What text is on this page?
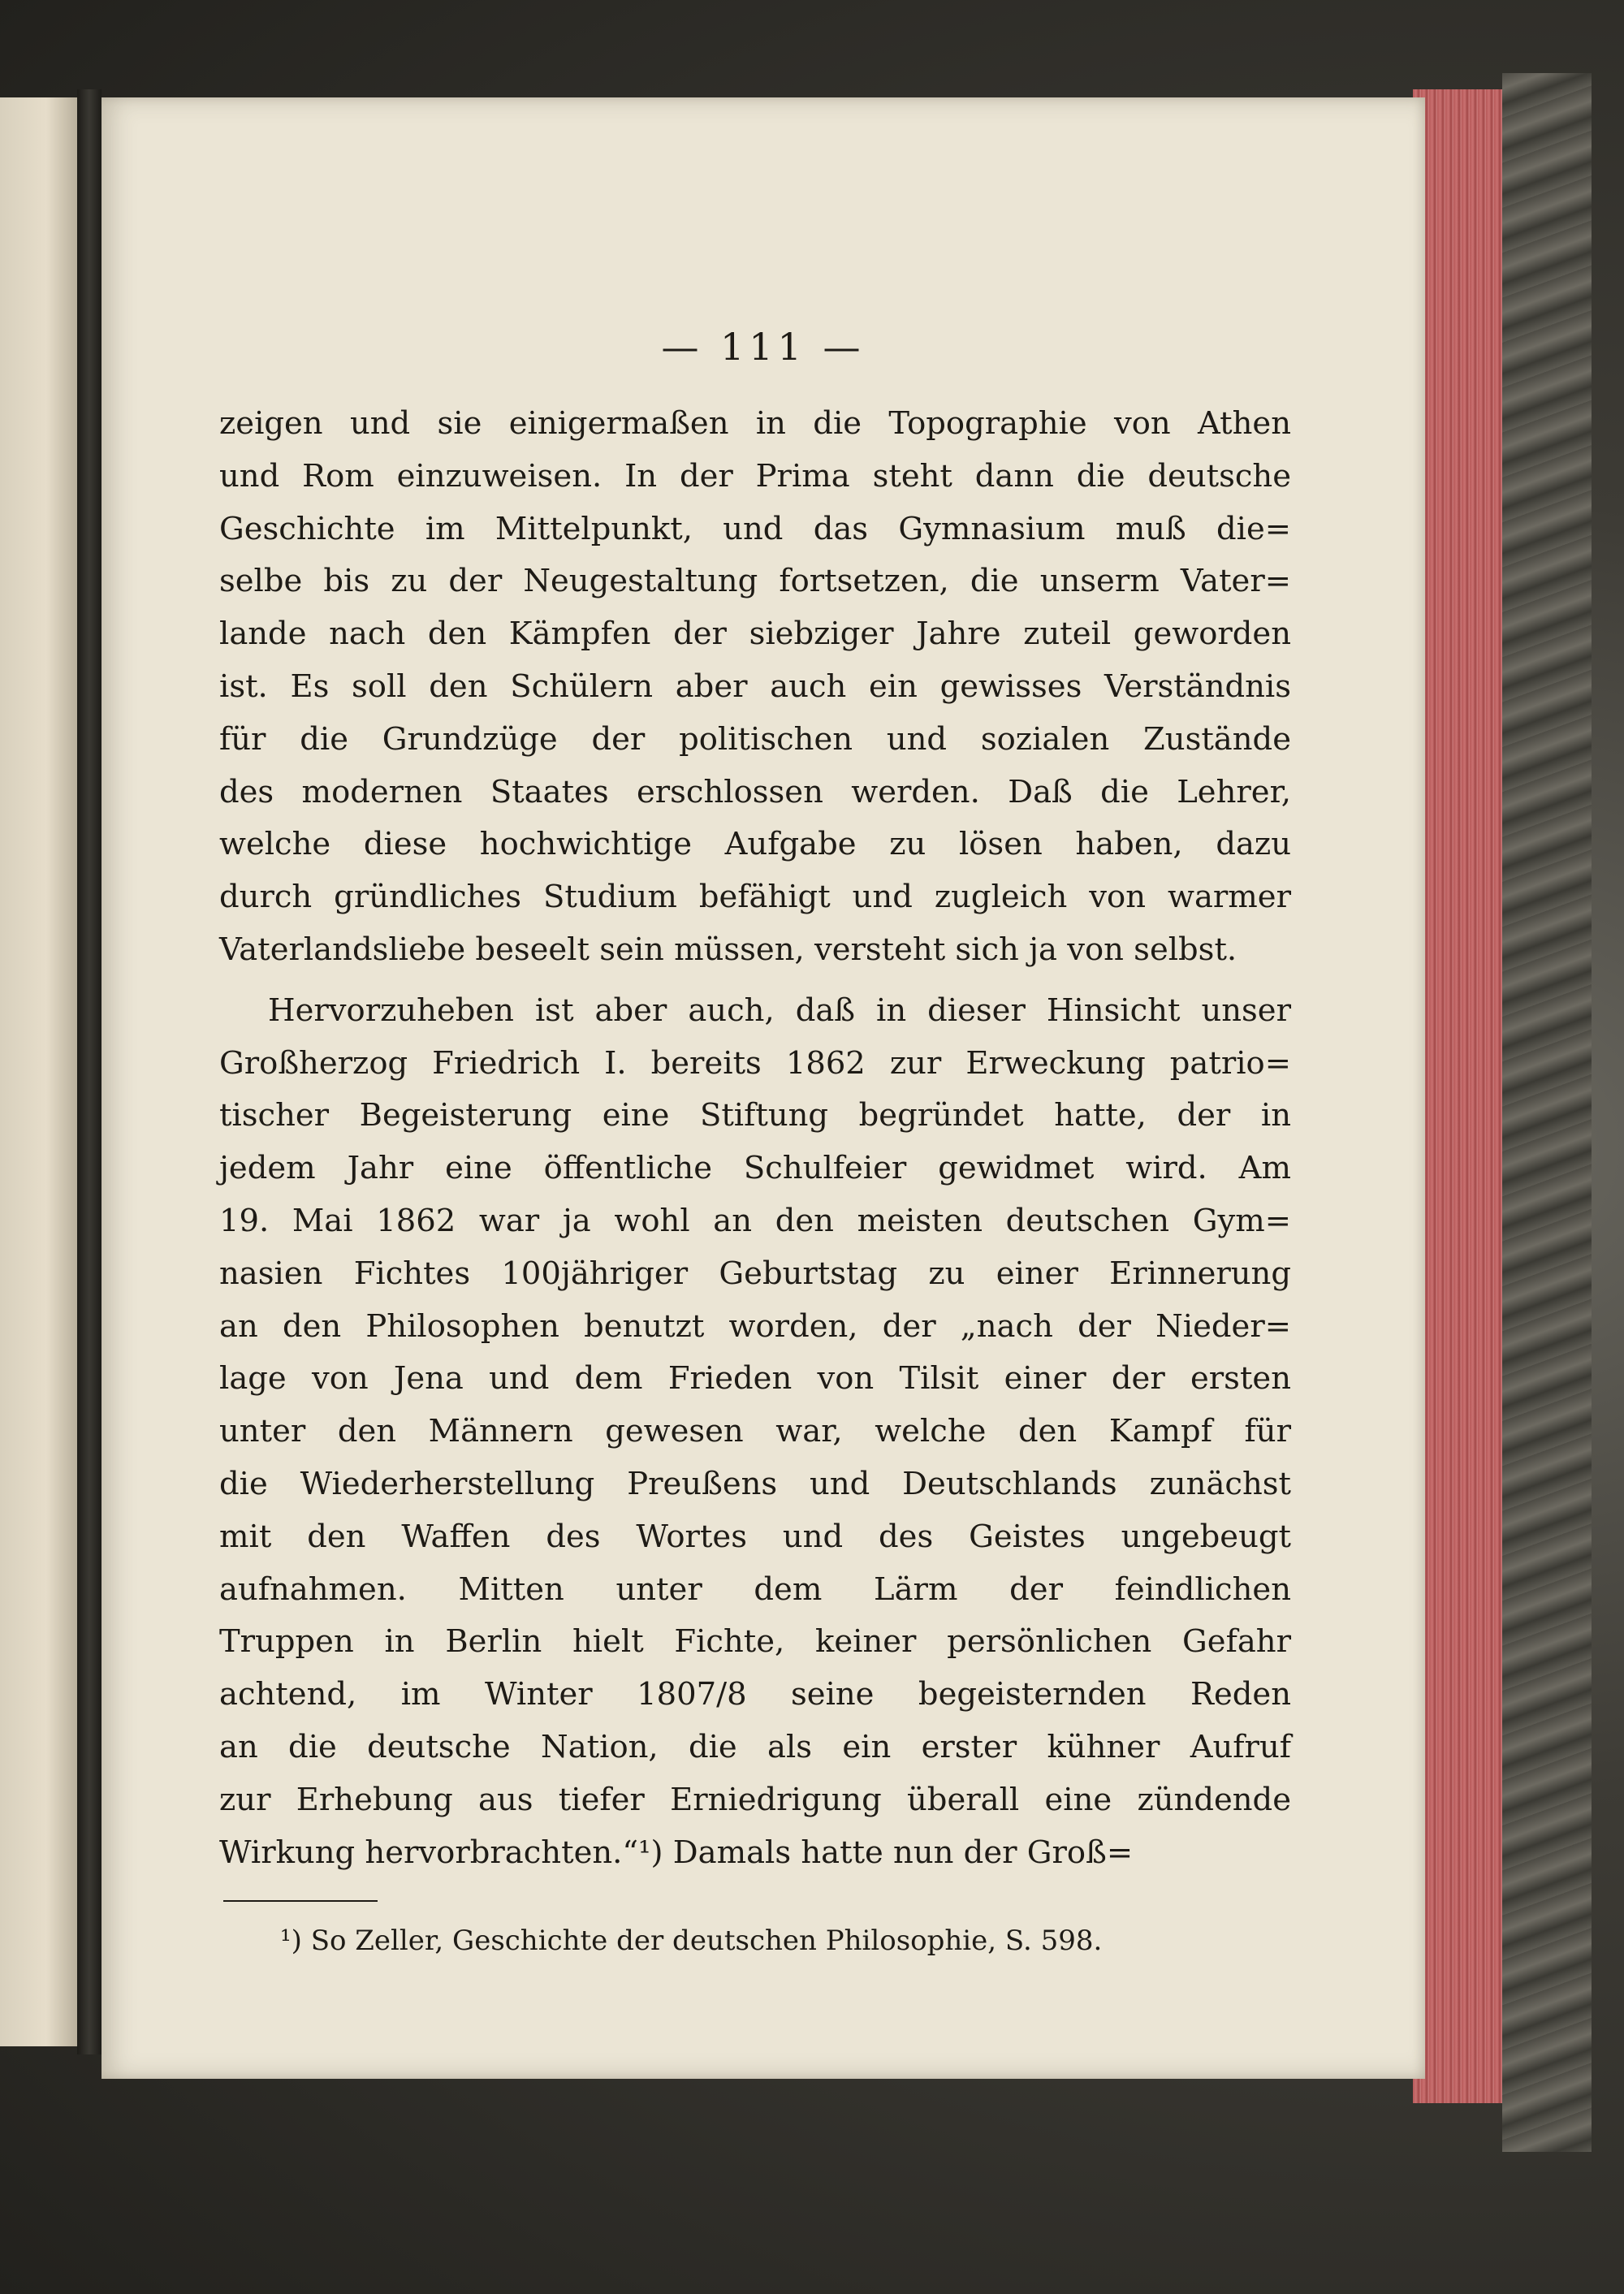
— 111 —
zeigen und sie einigermaßen in die Topographie von Athen
und Rom einzuweisen. In der Prima steht dann die deutsche
Geschichte im Mittelpunkt, und das Gymnasium muß die=
selbe bis zu der Neugestaltung fortsetzen, die unserm Vater=
lande nach den Kämpfen der siebziger Jahre zuteil geworden
ist. Es soll den Schülern aber auch ein gewisses Verständnis
für die Grundzüge der politischen und sozialen Zustände
des modernen Staates erschlossen werden. Daß die Lehrer,
welche diese hochwichtige Aufgabe zu lösen haben, dazu
durch gründliches Studium befähigt und zugleich von warmer
Vaterlandsliebe beseelt sein müssen, versteht sich ja von selbst.
Hervorzuheben ist aber auch, daß in dieser Hinsicht unser
Großherzog Friedrich I. bereits 1862 zur Erweckung patrio=
tischer Begeisterung eine Stiftung begründet hatte, der in
jedem Jahr eine öffentliche Schulfeier gewidmet wird. Am
19. Mai 1862 war ja wohl an den meisten deutschen Gym=
nasien Fichtes 100jähriger Geburtstag zu einer Erinnerung
an den Philosophen benutzt worden, der „nach der Nieder=
lage von Jena und dem Frieden von Tilsit einer der ersten
unter den Männern gewesen war, welche den Kampf für
die Wiederherstellung Preußens und Deutschlands zunächst
mit den Waffen des Wortes und des Geistes ungebeugt
aufnahmen. Mitten unter dem Lärm der feindlichen
Truppen in Berlin hielt Fichte, keiner persönlichen Gefahr
achtend, im Winter 1807/8 seine begeisternden Reden
an die deutsche Nation, die als ein erster kühner Aufruf
zur Erhebung aus tiefer Erniedrigung überall eine zündende
Wirkung hervorbrachten.“¹) Damals hatte nun der Groß=
¹) So Zeller, Geschichte der deutschen Philosophie, S. 598.
